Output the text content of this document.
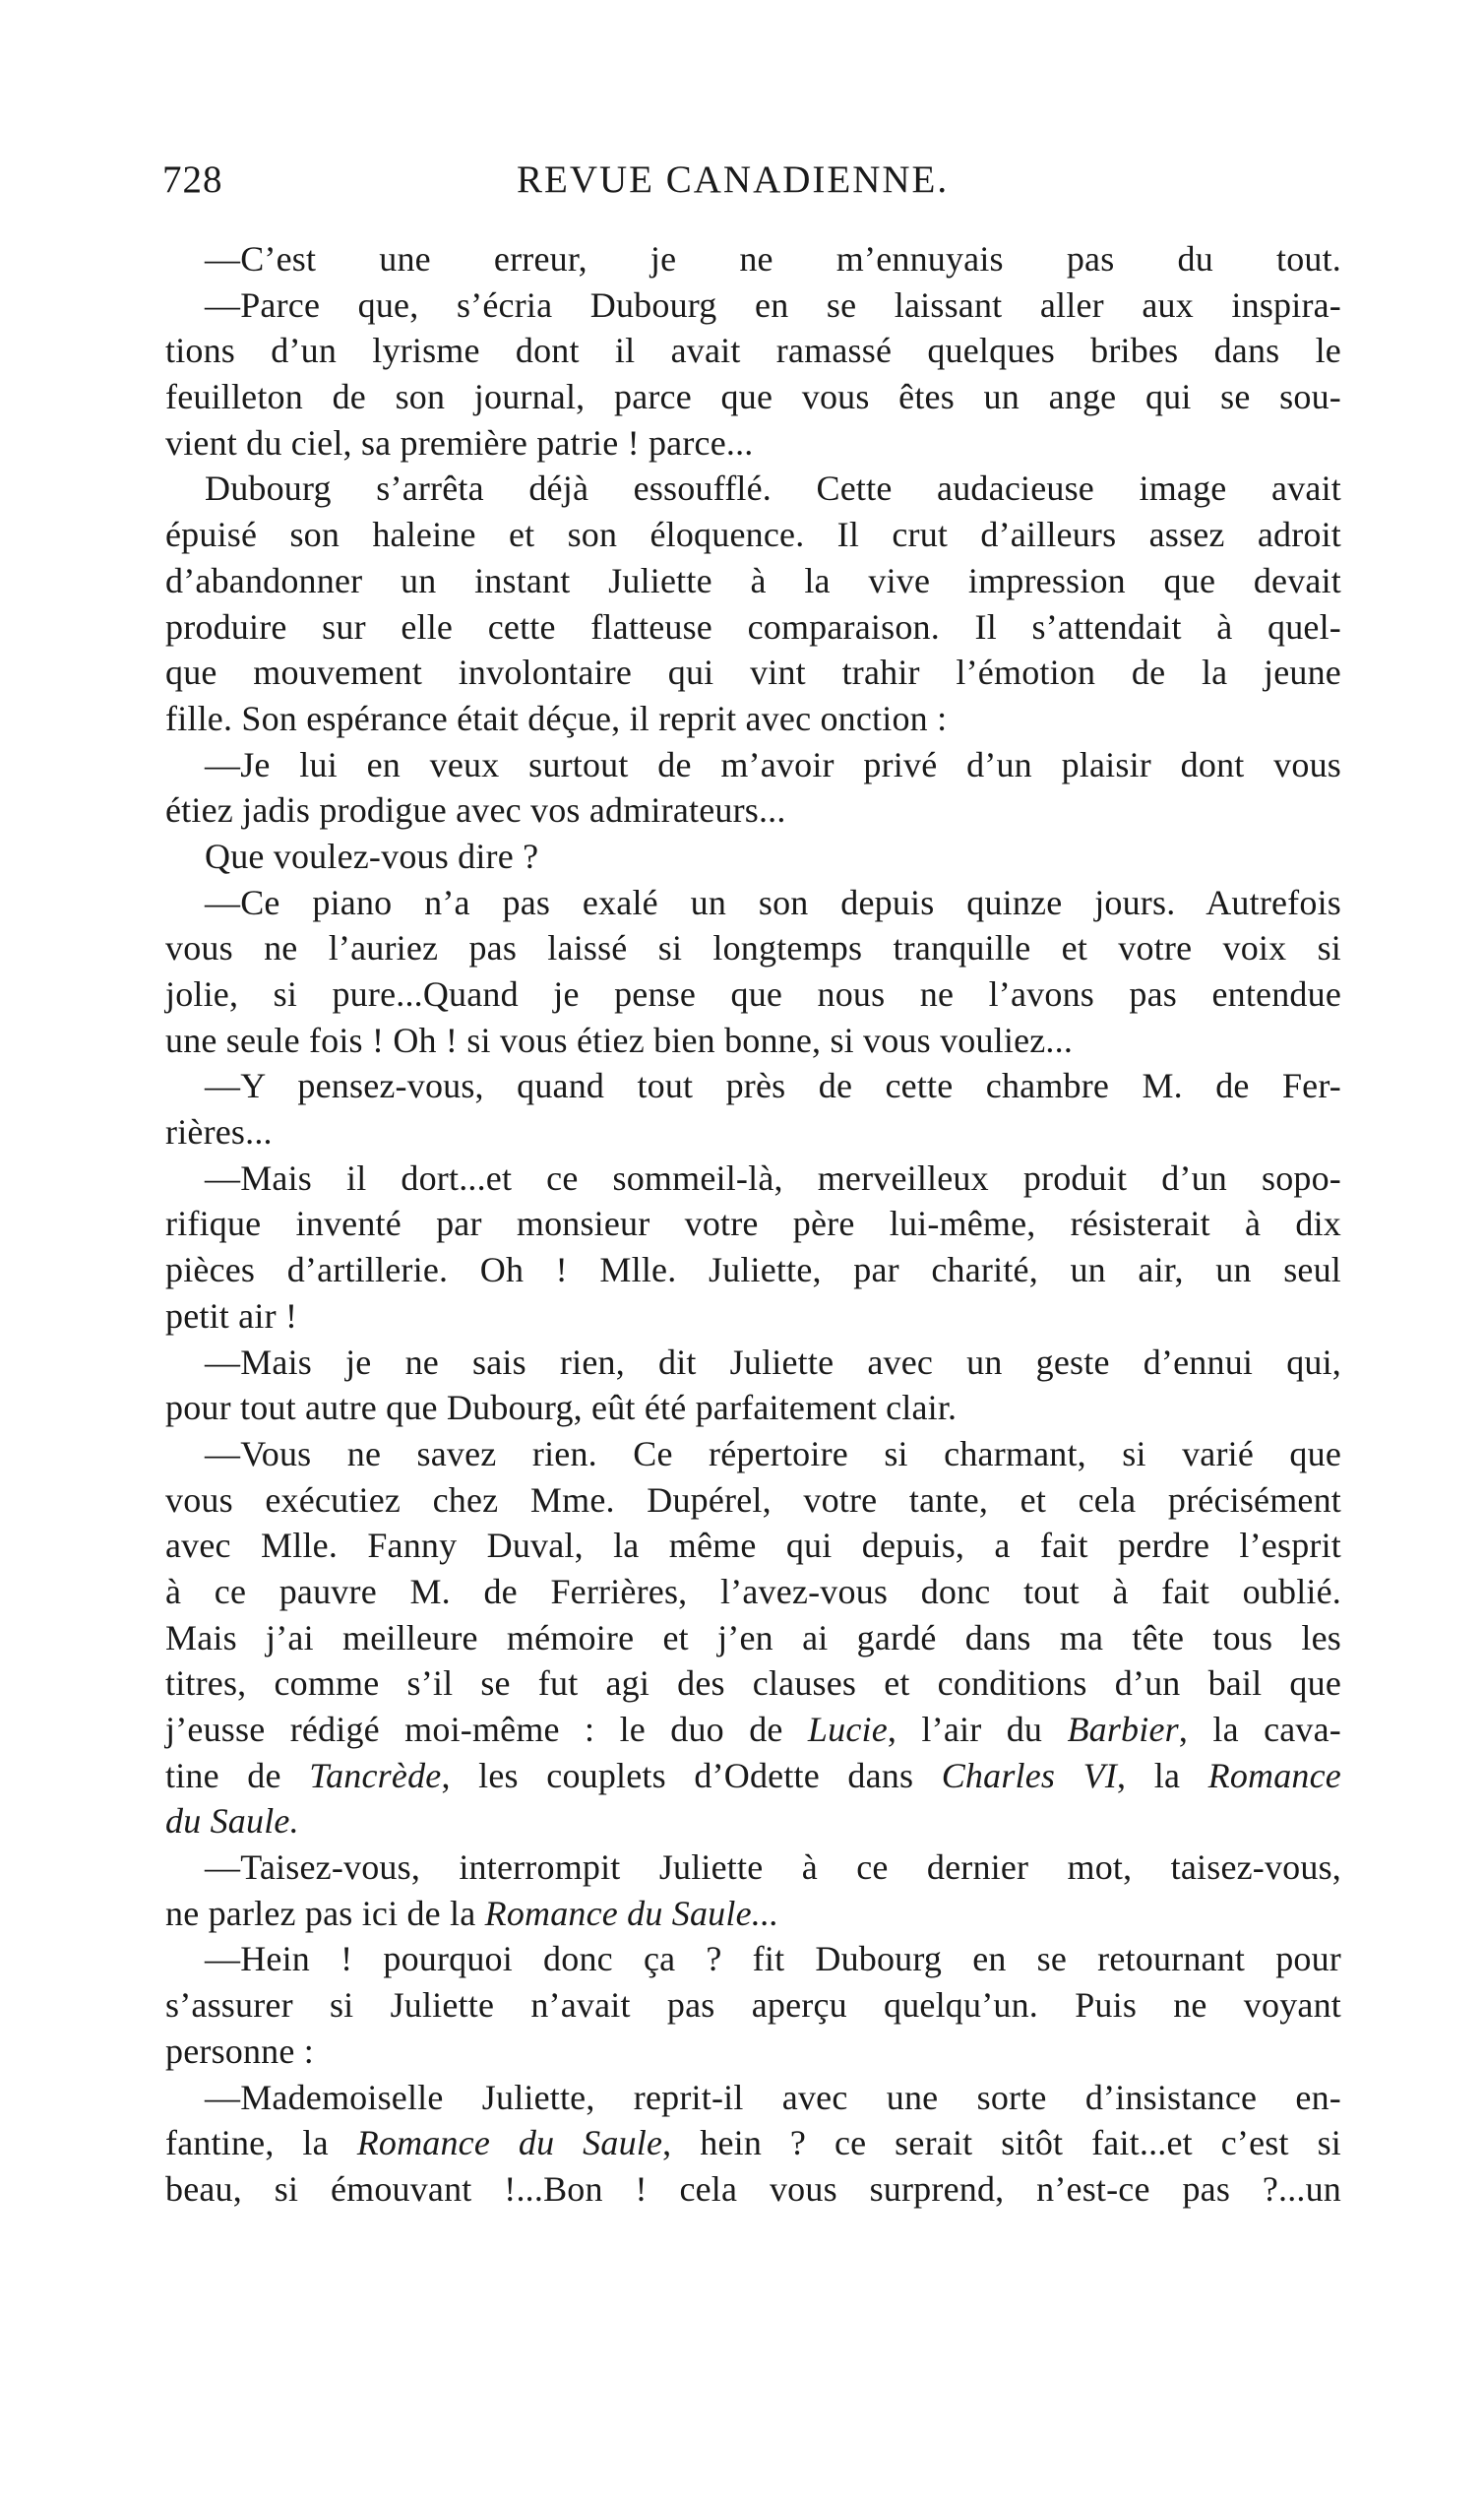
728	REVUE CANADIENNE.
—C’est une erreur, je ne m’ennuyais pas du tout.
—Parce que, s’écria Dubourg en se laissant aller aux inspira-
tions d’un lyrisme dont il avait ramassé quelques bribes dans le
feuilleton de son journal, parce que vous êtes un ange qui se sou-
vient du ciel, sa première patrie ! parce...
Dubourg s’arrêta déjà essoufflé. Cette audacieuse image avait
épuisé son haleine et son éloquence. Il crut d’ailleurs assez adroit
d’abandonner un instant Juliette à la vive impression que devait
produire sur elle cette flatteuse comparaison. Il s’attendait à quel-
que mouvement involontaire qui vint trahir l’émotion de la jeune
fille. Son espérance était déçue, il reprit avec onction :
—Je lui en veux surtout de m’avoir privé d’un plaisir dont vous
étiez jadis prodigue avec vos admirateurs...
Que voulez-vous dire ?
—Ce piano n’a pas exalé un son depuis quinze jours. Autrefois
vous ne l’auriez pas laissé si longtemps tranquille et votre voix si
jolie, si pure...Quand je pense que nous ne l’avons pas entendue
une seule fois ! Oh ! si vous étiez bien bonne, si vous vouliez...
—Y pensez-vous, quand tout près de cette chambre M. de Fer-
rières...
—Mais il dort...et ce sommeil-là, merveilleux produit d’un sopo-
rifique inventé par monsieur votre père lui-même, résisterait à dix
pièces d’artillerie. Oh ! Mlle. Juliette, par charité, un air, un seul
petit air !
—Mais je ne sais rien, dit Juliette avec un geste d’ennui qui,
pour tout autre que Dubourg, eût été parfaitement clair.
—Vous ne savez rien. Ce répertoire si charmant, si varié que
vous exécutiez chez Mme. Dupérel, votre tante, et cela précisément
avec Mlle. Fanny Duval, la même qui depuis, a fait perdre l’esprit
à ce pauvre M. de Ferrières, l’avez-vous donc tout à fait oublié.
Mais j’ai meilleure mémoire et j’en ai gardé dans ma tête tous les
titres, comme s’il se fut agi des clauses et conditions d’un bail que
j’eusse rédigé moi-même : le duo de Lucie, l’air du Barbier, la cava-
tine de Tancrède, les couplets d’Odette dans Charles VI, la Romance
du Saule.
—Taisez-vous, interrompit Juliette à ce dernier mot, taisez-vous,
ne parlez pas ici de la Romance du Saule...
—Hein ! pourquoi donc ça ? fit Dubourg en se retournant pour
s’assurer si Juliette n’avait pas aperçu quelqu’un. Puis ne voyant
personne :
—Mademoiselle Juliette, reprit-il avec une sorte d’insistance en-
fantine, la Romance du Saule, hein ? ce serait sitôt fait...et c’est si
beau, si émouvant !...Bon ! cela vous surprend, n’est-ce pas ?...un
